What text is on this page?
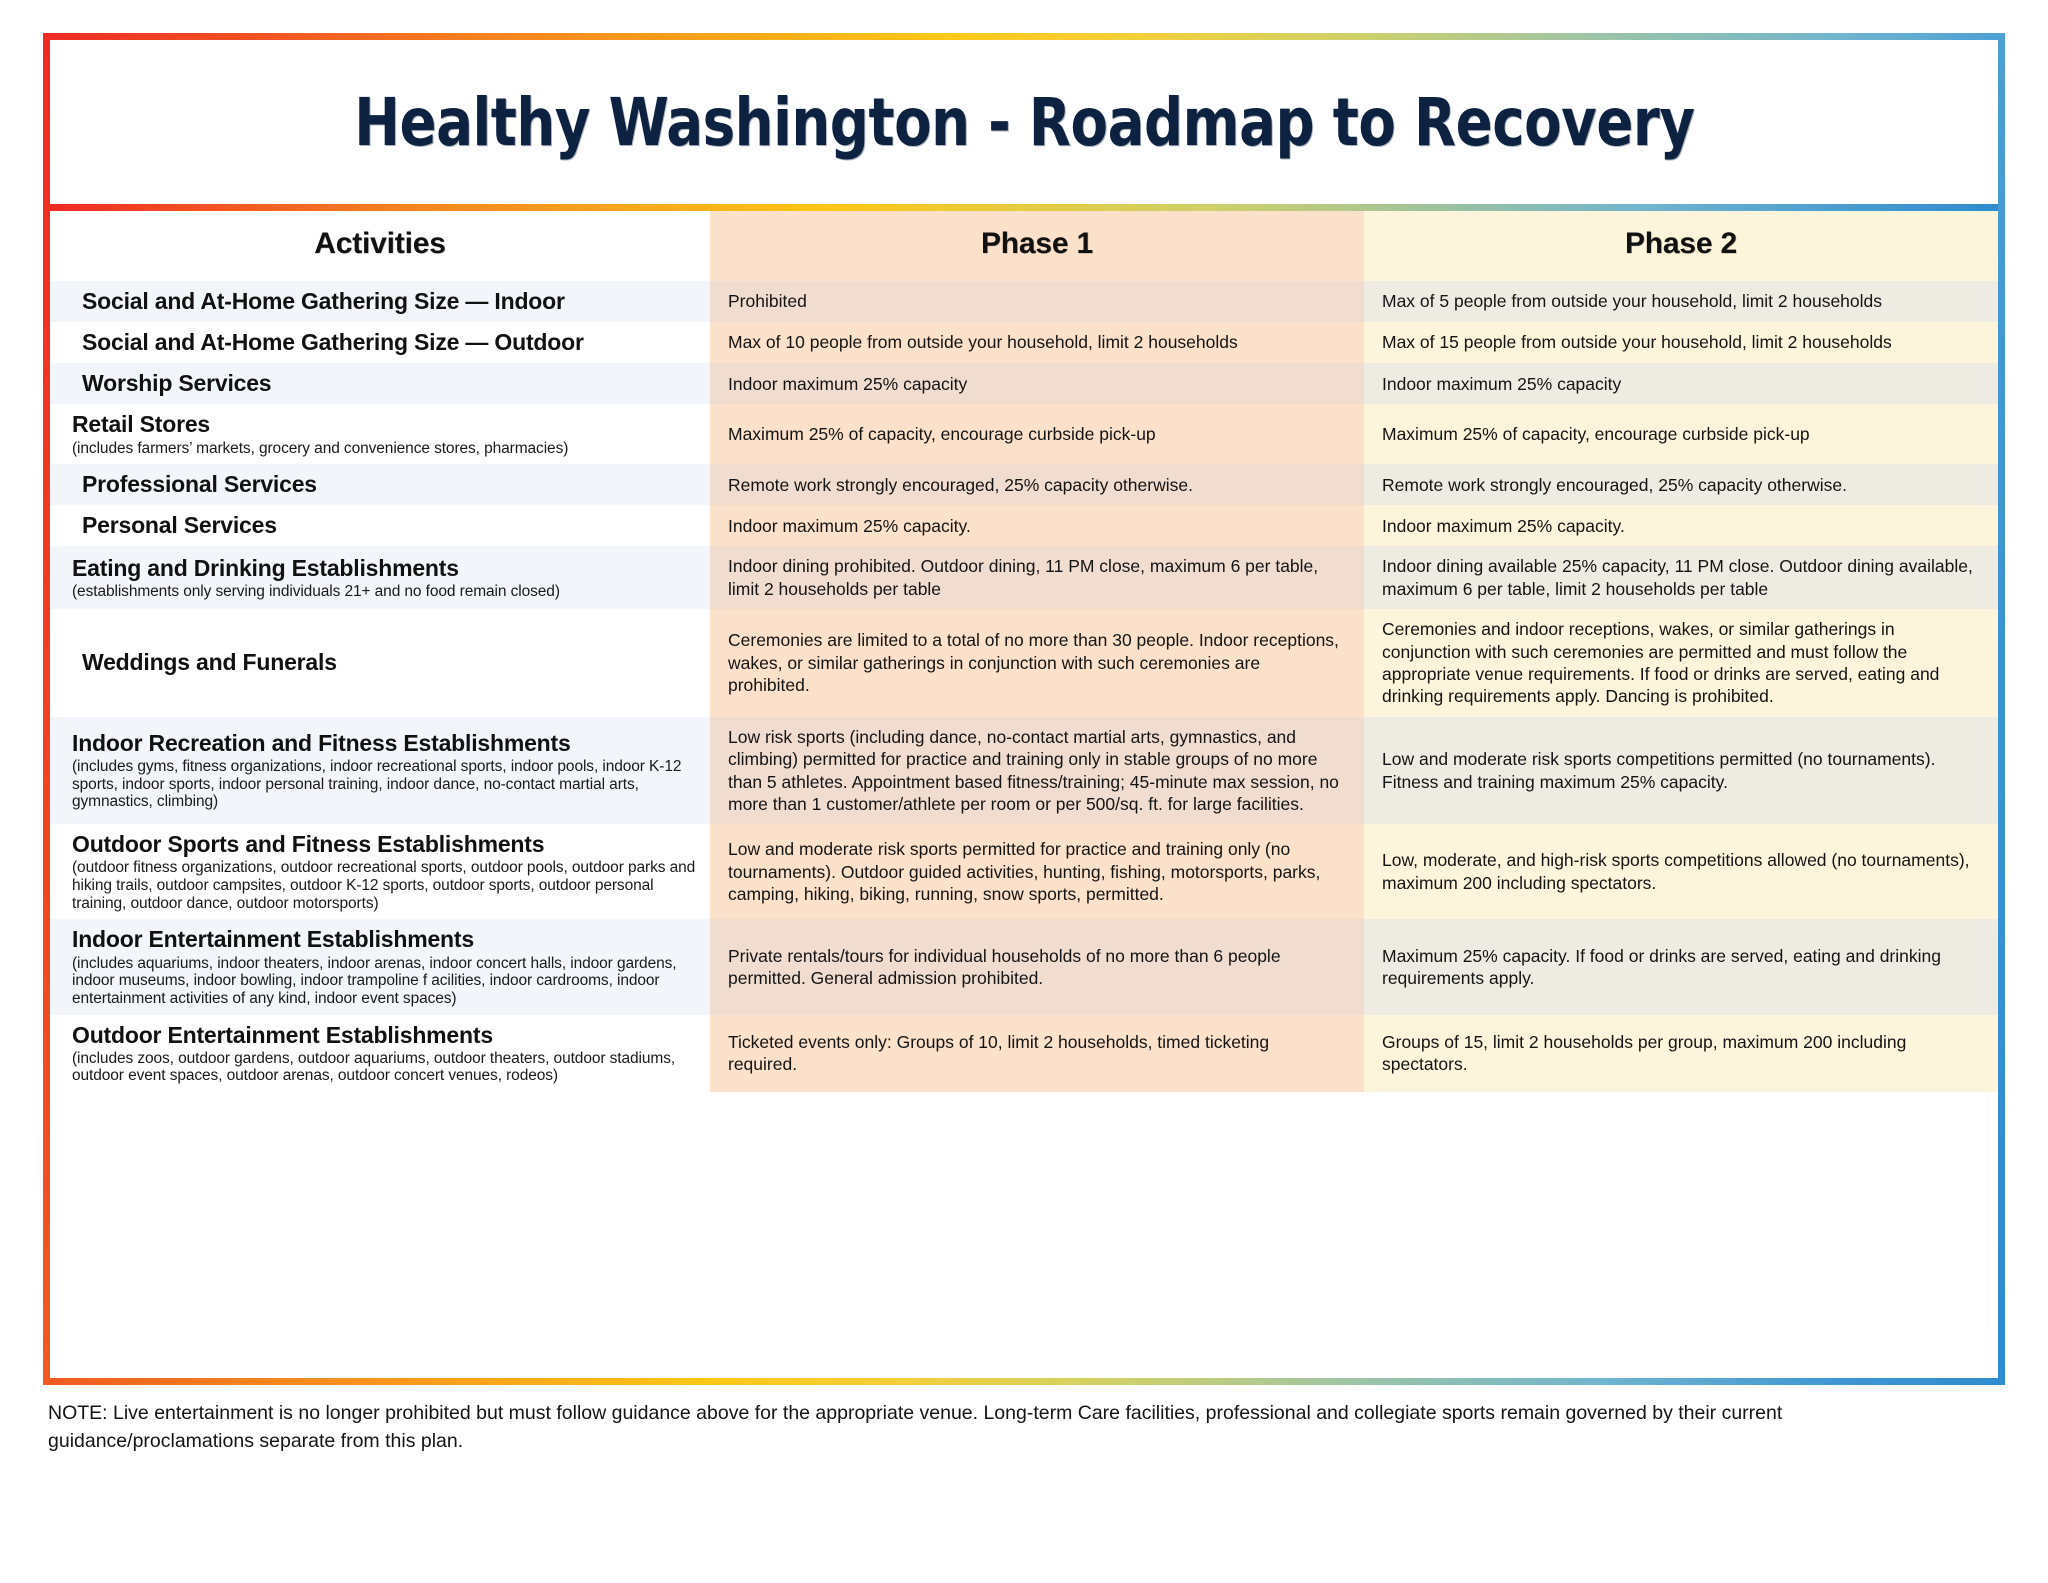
Healthy Washington - Roadmap to Recovery
Activities	Phase 1	Phase 2

Social and At-Home Gathering Size — Indoor	Prohibited	Max of 5 people from outside your household, limit 2 households

Social and At-Home Gathering Size — Outdoor	Max of 10 people from outside your household, limit 2 households	Max of 15 people from outside your household, limit 2 households

Worship Services	Indoor maximum 25% capacity	Indoor maximum 25% capacity

Retail Stores
(includes farmers’ markets, grocery and convenience stores, pharmacies)	Maximum 25% of capacity, encourage curbside pick-up	Maximum 25% of capacity, encourage curbside pick-up

Professional Services	Remote work strongly encouraged, 25% capacity otherwise.	Remote work strongly encouraged, 25% capacity otherwise.

Personal Services	Indoor maximum 25% capacity.	Indoor maximum 25% capacity.

Eating and Drinking Establishments
(establishments only serving individuals 21+ and no food remain closed)	Indoor dining prohibited. Outdoor dining, 11 PM close, maximum 6 per table, limit 2 households per table	Indoor dining available 25% capacity, 11 PM close. Outdoor dining available, maximum 6 per table, limit 2 households per table

Weddings and Funerals	Ceremonies are limited to a total of no more than 30 people. Indoor receptions, wakes, or similar gatherings in conjunction with such ceremonies are prohibited.	Ceremonies and indoor receptions, wakes, or similar gatherings in conjunction with such ceremonies are permitted and must follow the appropriate venue requirements. If food or drinks are served, eating and drinking requirements apply. Dancing is prohibited.

Indoor Recreation and Fitness Establishments
(includes gyms, fitness organizations, indoor recreational sports, indoor pools, indoor K-12 sports, indoor sports, indoor personal training, indoor dance, no-contact martial arts, gymnastics, climbing)
	Low risk sports (including dance, no-contact martial arts, gymnastics, and climbing) permitted for practice and training only in stable groups of no more than 5 athletes. Appointment based fitness/training; 45-minute max session, no more than 1 customer/athlete per room or per 500/sq. ft. for large facilities.	Low and moderate risk sports competitions permitted (no tournaments). Fitness and training maximum 25% capacity.

Outdoor Sports and Fitness Establishments
(outdoor fitness organizations, outdoor recreational sports, outdoor pools, outdoor parks and hiking trails, outdoor campsites, outdoor K-12 sports, outdoor sports, outdoor personal training, outdoor dance, outdoor motorsports)
	Low and moderate risk sports permitted for practice and training only (no tournaments). Outdoor guided activities, hunting, fishing, motorsports, parks, camping, hiking, biking, running, snow sports, permitted.	Low, moderate, and high-risk sports competitions allowed (no tournaments), maximum 200 including spectators.

Indoor Entertainment Establishments
(includes aquariums, indoor theaters, indoor arenas, indoor concert halls, indoor gardens, indoor museums, indoor bowling, indoor trampoline f acilities, indoor cardrooms, indoor entertainment activities of any kind, indoor event spaces)	Private rentals/tours for individual households of no more than 6 people permitted. General admission prohibited.	Maximum 25% capacity. If food or drinks are served, eating and drinking requirements apply.

Outdoor Entertainment Establishments
(includes zoos, outdoor gardens, outdoor aquariums, outdoor theaters, outdoor stadiums, outdoor event spaces, outdoor arenas, outdoor concert venues, rodeos)	Ticketed events only: Groups of 10, limit 2 households, timed ticketing required.	Groups of 15, limit 2 households per group, maximum 200 including spectators.
NOTE: Live entertainment is no longer prohibited but must follow guidance above for the appropriate venue. Long-term Care facilities, professional and collegiate sports remain governed by their current guidance/proclamations separate from this plan.
